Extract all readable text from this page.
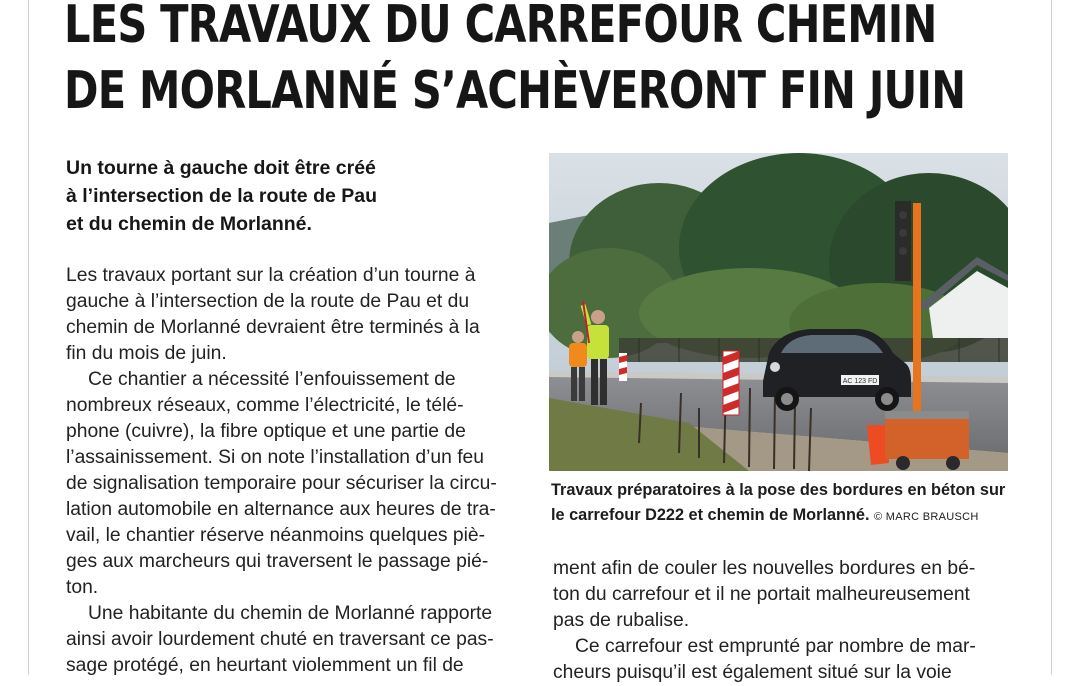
LES TRAVAUX DU CARREFOUR CHEMIN
DE MORLANNÉ S’ACHÈVERONT FIN JUIN

Un tourne à gauche doit être créé
à l’intersection de la route de Pau
et du chemin de Morlanné.

Les travaux portant sur la création d’un tourne à
gauche à l’intersection de la route de Pau et du
chemin de Morlanné devraient être terminés à la
fin du mois de juin.
Ce chantier a nécessité l’enfouissement de
nombreux réseaux, comme l’électricité, le télé-
phone (cuivre), la fibre optique et une partie de
l’assainissement. Si on note l’installation d’un feu
de signalisation temporaire pour sécuriser la circu-
lation automobile en alternance aux heures de tra-
vail, le chantier réserve néanmoins quelques piè-
ges aux marcheurs qui traversent le passage pié-
ton.
Une habitante du chemin de Morlanné rapporte
ainsi avoir lourdement chuté en traversant ce pas-
sage protégé, en heurtant violemment un fil de
AC 123 FD
Travaux préparatoires à la pose des bordures en béton sur
le carrefour D222 et chemin de Morlanné. © MARC BRAUSCH
ment afin de couler les nouvelles bordures en bé-
ton du carrefour et il ne portait malheureusement
pas de rubalise.
Ce carrefour est emprunté par nombre de mar-
cheurs puisqu’il est également situé sur la voie
